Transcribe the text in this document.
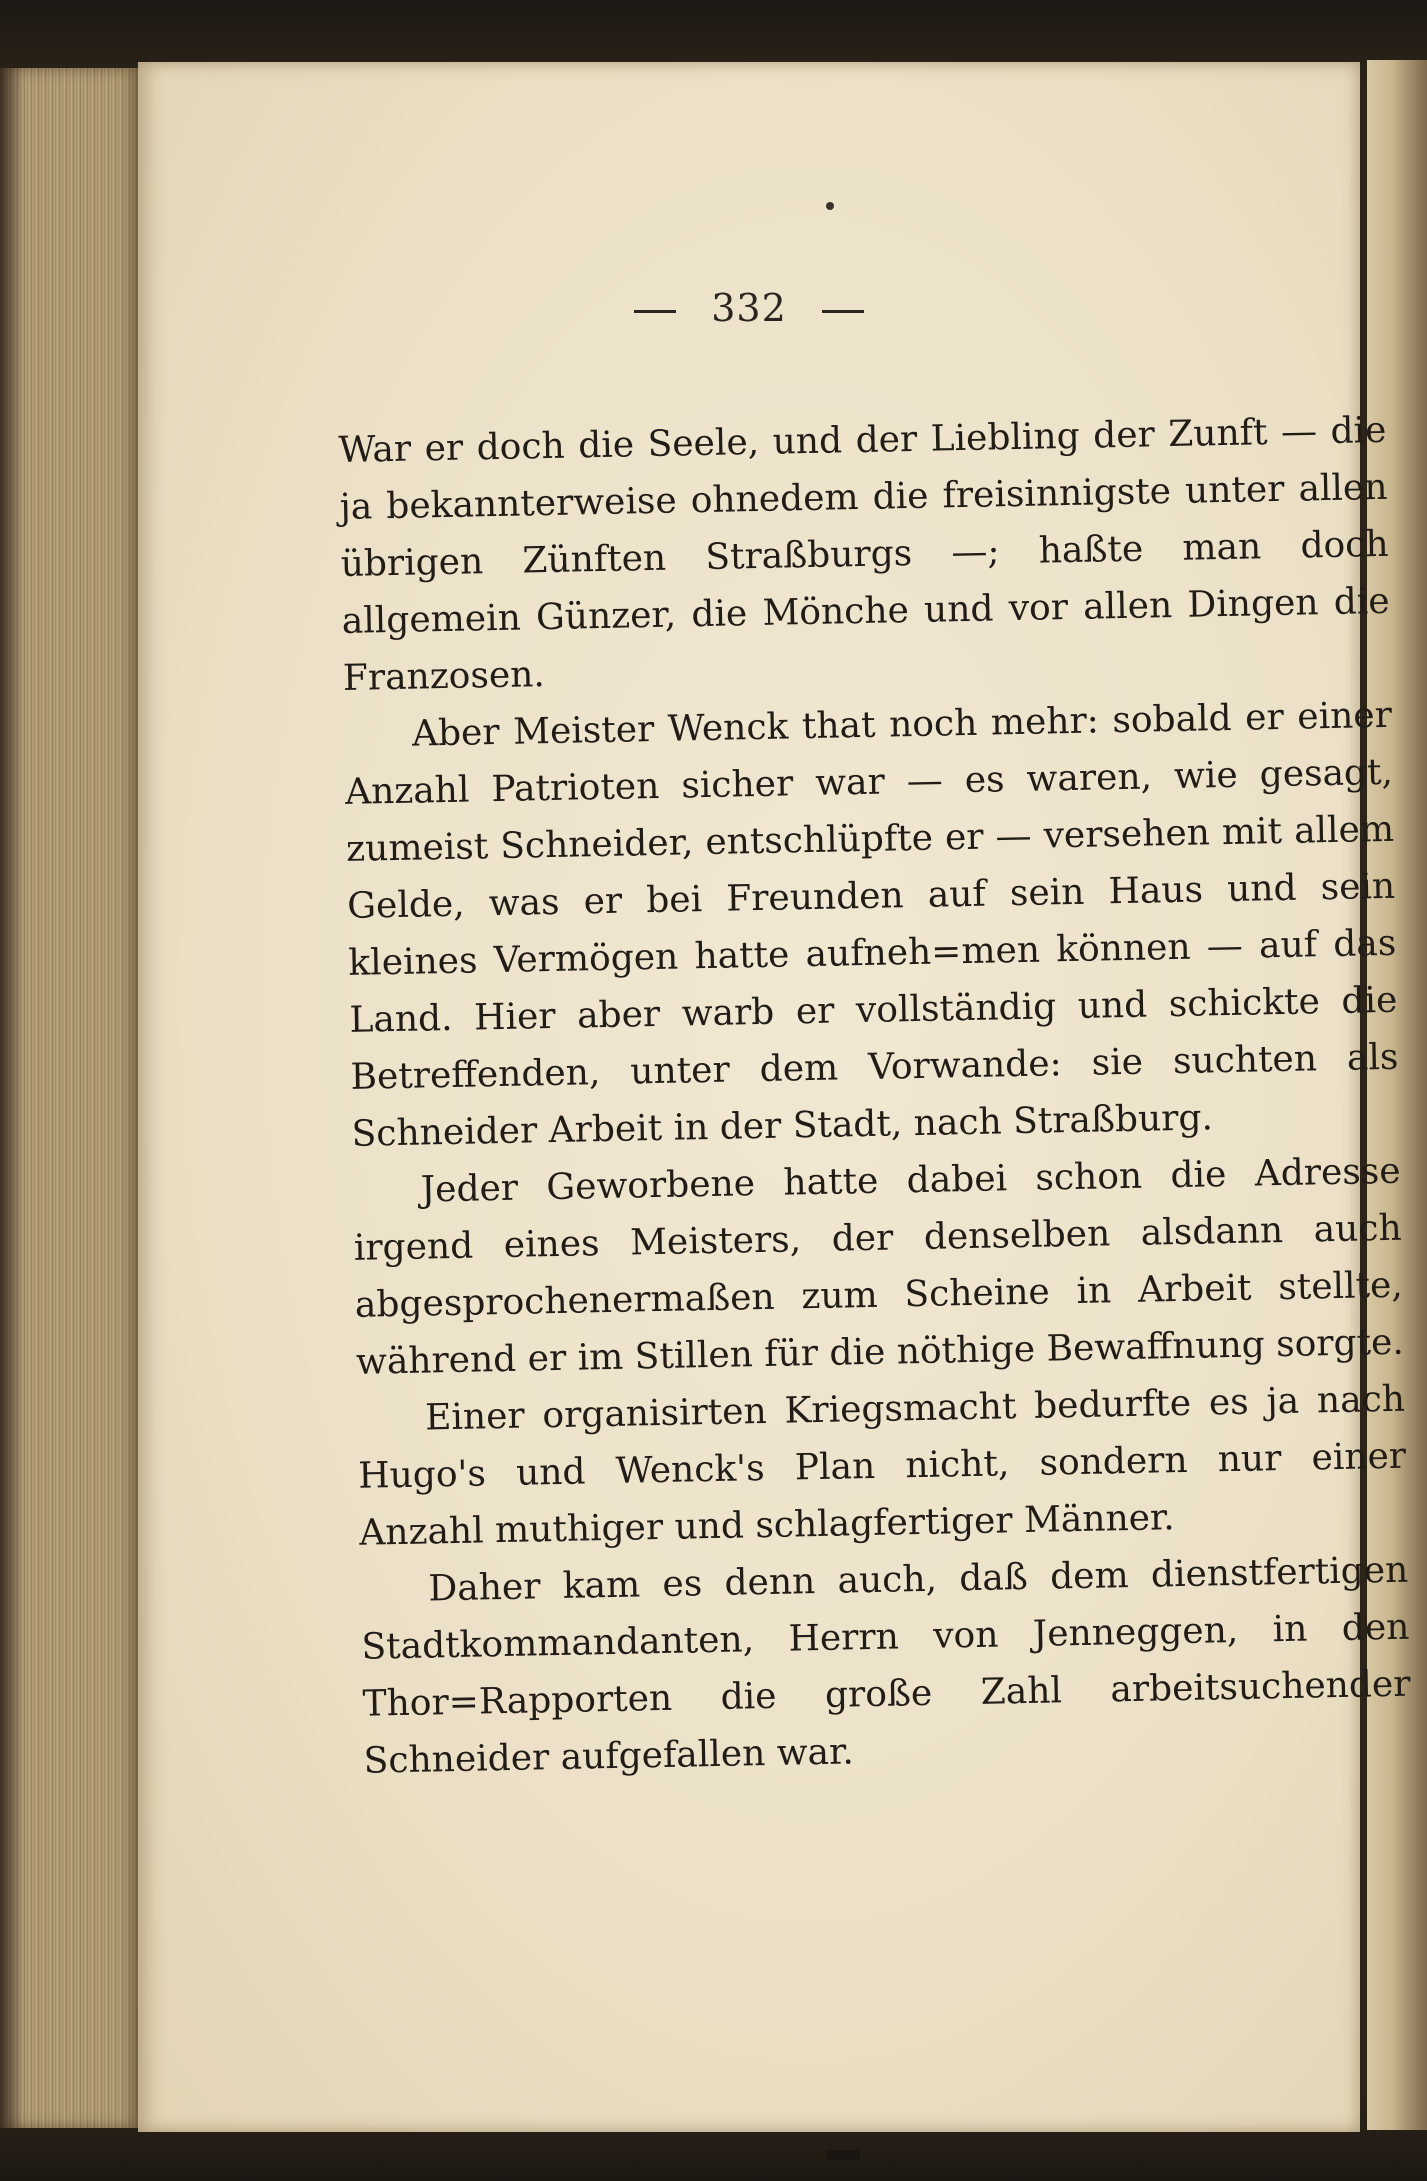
332

War er doch die Seele, und der Liebling der Zunft — die ja bekannterweise ohnedem die freisinnigste unter allen übrigen Zünften Straßburgs —; haßte man doch allgemein Günzer, die Mönche und vor allen Dingen die Franzosen.

Aber Meister Wenck that noch mehr: sobald er einer Anzahl Patrioten sicher war — es waren, wie gesagt, zumeist Schneider, entschlüpfte er — versehen mit allem Gelde, was er bei Freunden auf sein Haus und sein kleines Vermögen hatte aufneh=men können — auf das Land. Hier aber warb er vollständig und schickte die Betreffenden, unter dem Vorwande: sie suchten als Schneider Arbeit in der Stadt, nach Straßburg.

Jeder Geworbene hatte dabei schon die Adresse irgend eines Meisters, der denselben alsdann auch abgesprochenermaßen zum Scheine in Arbeit stellte, während er im Stillen für die nöthige Bewaffnung sorgte.

Einer organisirten Kriegsmacht bedurfte es ja nach Hugo's und Wenck's Plan nicht, sondern nur einer Anzahl muthiger und schlagfertiger Männer.

Daher kam es denn auch, daß dem dienstfertigen Stadtkommandanten, Herrn von Jenneggen, in den Thor=Rapporten die große Zahl arbeitsuchender Schneider aufgefallen war.
